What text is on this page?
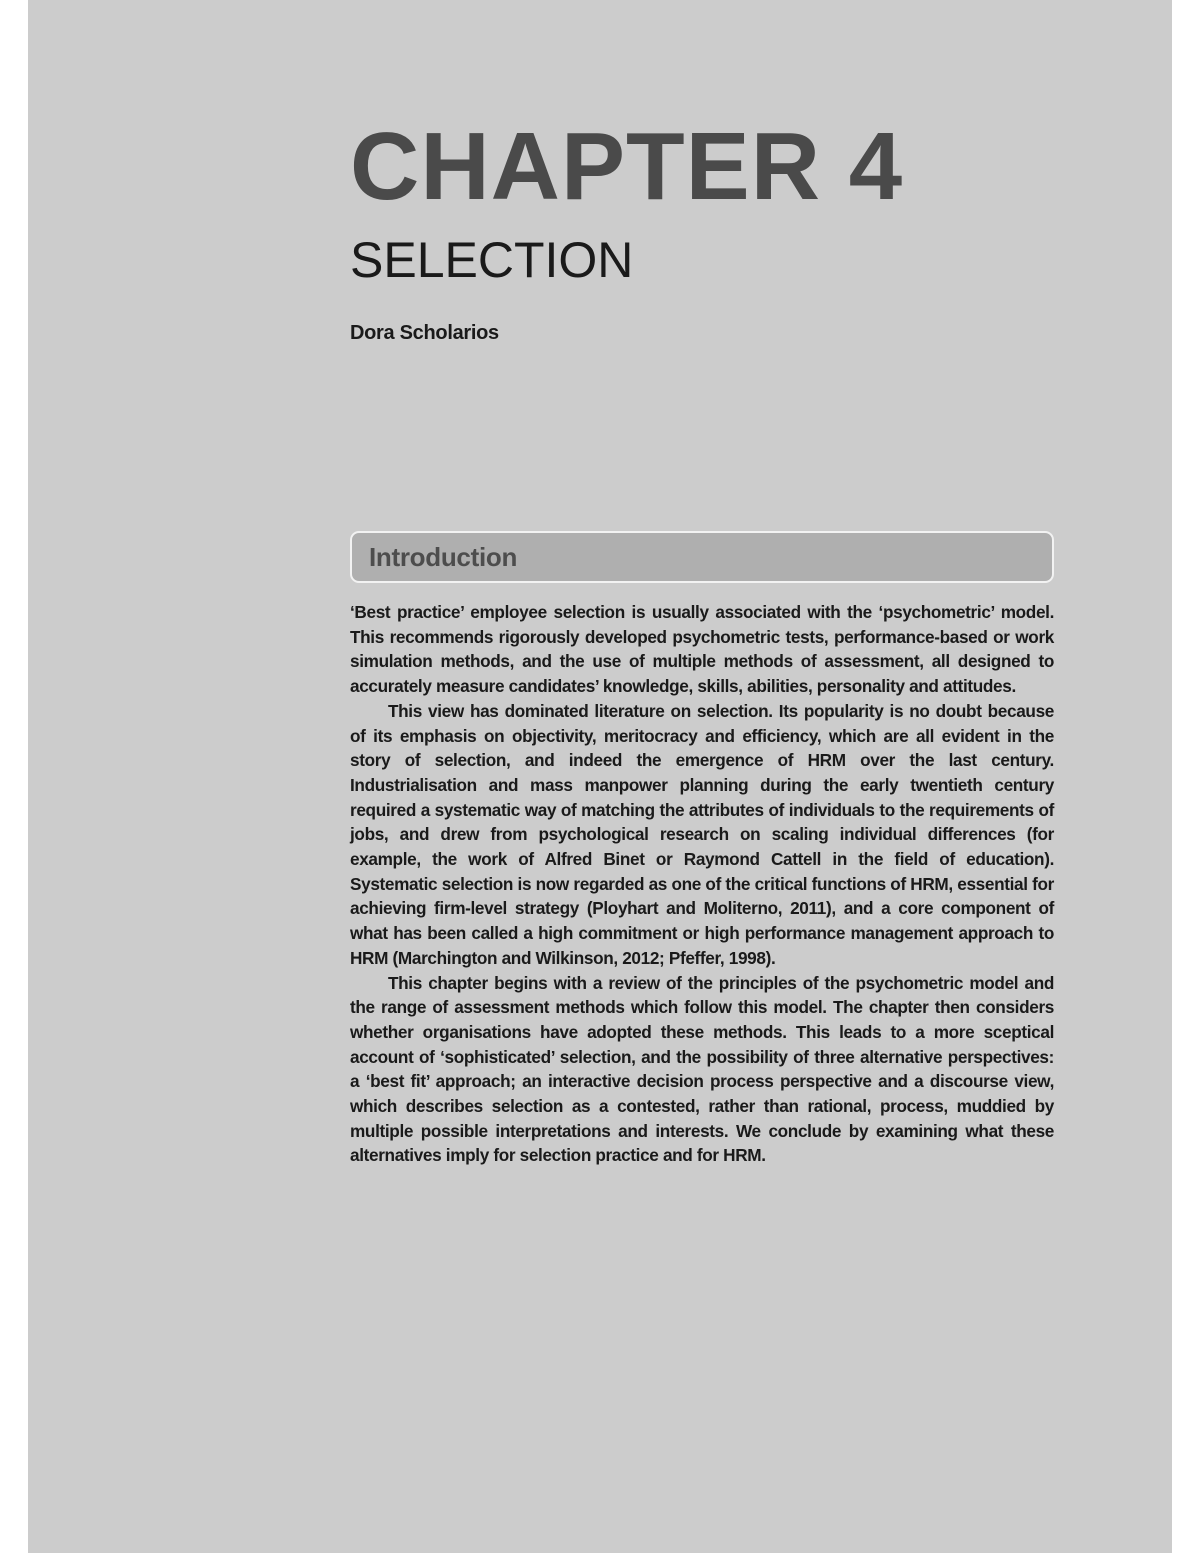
CHAPTER 4
SELECTION
Dora Scholarios
Introduction

‘Best practice’ employee selection is usually associated with the ‘psychometric’ model. This recommends rigorously developed psychometric tests, performance-based or work simulation methods, and the use of multiple methods of assessment, all designed to accurately measure candidates’ knowledge, skills, abilities, personality and attitudes.

This view has dominated literature on selection. Its popularity is no doubt because of its emphasis on objectivity, meritocracy and efficiency, which are all evident in the story of selection, and indeed the emergence of HRM over the last century. Industrialisation and mass manpower planning during the early twentieth century required a systematic way of matching the attributes of individuals to the requirements of jobs, and drew from psychological research on scaling individual differences (for example, the work of Alfred Binet or Raymond Cattell in the field of education). Systematic selection is now regarded as one of the critical functions of HRM, essential for achieving firm-level strategy (Ployhart and Moliterno, 2011), and a core component of what has been called a high commitment or high performance management approach to HRM (Marchington and Wilkinson, 2012; Pfeffer, 1998).

This chapter begins with a review of the principles of the psychometric model and the range of assessment methods which follow this model. The chapter then considers whether organisations have adopted these methods. This leads to a more sceptical account of ‘sophisticated’ selection, and the possibility of three alternative perspectives: a ‘best fit’ approach; an interactive decision process perspective and a discourse view, which describes selection as a contested, rather than rational, process, muddied by multiple possible interpretations and interests. We conclude by examining what these alternatives imply for selection practice and for HRM.
